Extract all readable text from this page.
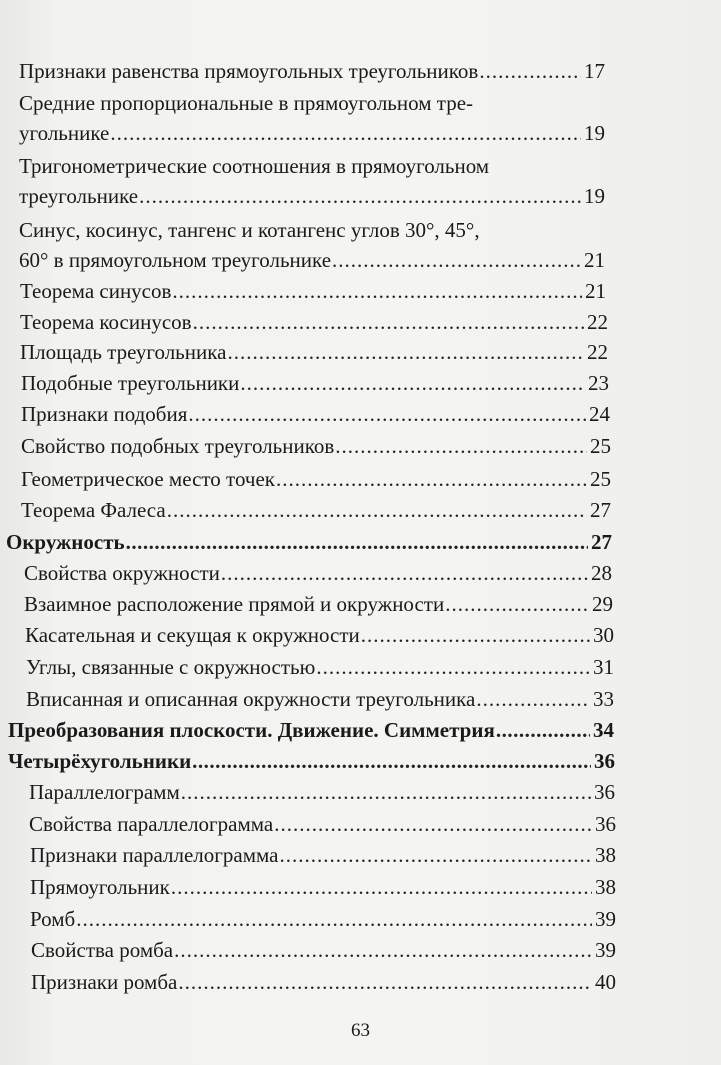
Признаки равенства прямоугольных треугольников .....	17
Средние пропорциональные в прямоугольном тре-
угольнике .....	19
Тригонометрические соотношения в прямоугольном
треугольнике .....	19
Синус, косинус, тангенс и котангенс углов 30°, 45°,
60° в прямоугольном треугольнике .....	21
Теорема синусов .....	21
Теорема косинусов .....	22
Площадь треугольника .....	22
Подобные треугольники .....	23
Признаки подобия .....	24
Свойство подобных треугольников .....	25
Геометрическое место точек .....	25
Теорема Фалеса .....	27
Окружность .....	27
Свойства окружности .....	28
Взаимное расположение прямой и окружности .....	29
Касательная и секущая к окружности .....	30
Углы, связанные с окружностью .....	31
Вписанная и описанная окружности треугольника .....	33
Преобразования плоскости. Движение. Симметрия .....	34
Четырёхугольники .....	36
Параллелограмм .....	36
Свойства параллелограмма .....	36
Признаки параллелограмма .....	38
Прямоугольник .....	38
Ромб .....	39
Свойства ромба .....	39
Признаки ромба .....	40
63
